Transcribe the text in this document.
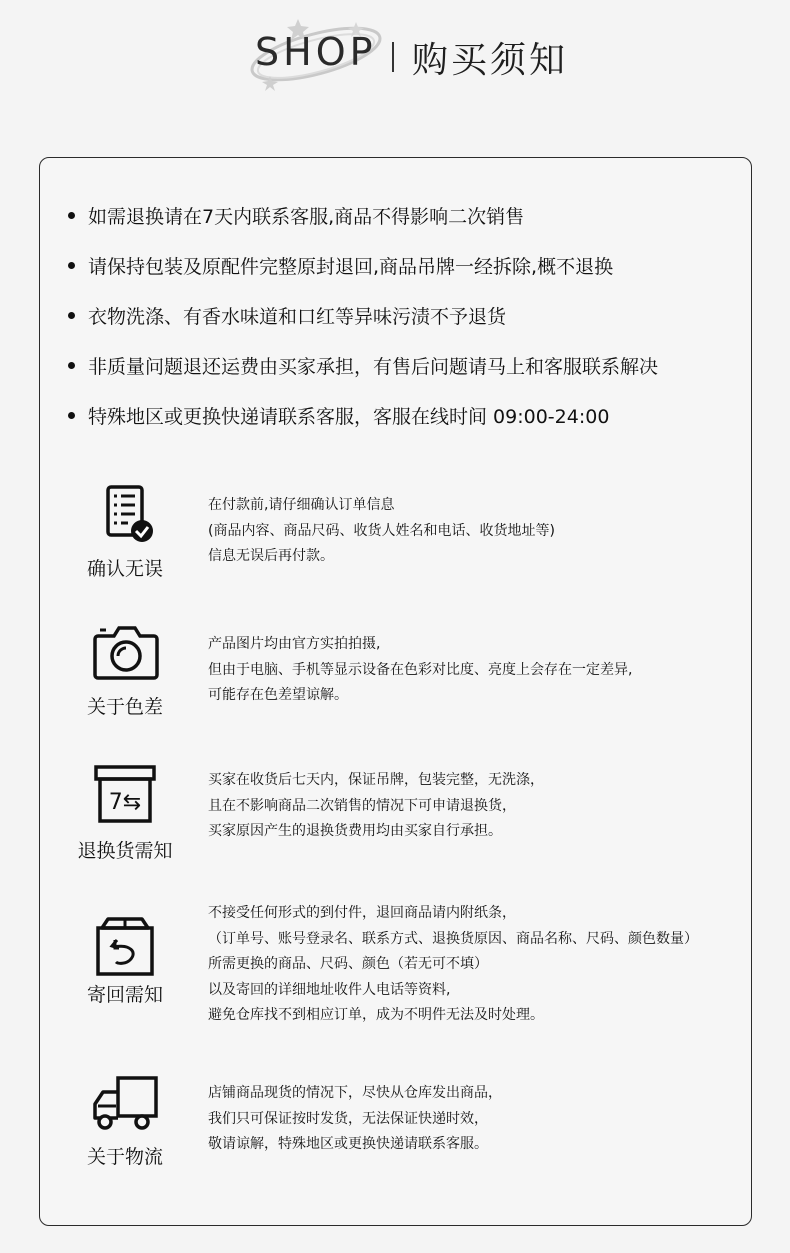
SHOP 购买须知
如需退换请在7天内联系客服,商品不得影响二次销售
请保持包装及原配件完整原封退回,商品吊牌一经拆除,概不退换
衣物洗涤、有香水味道和口红等异味污渍不予退货
非质量问题退还运费由买家承担，有售后问题请马上和客服联系解决
特殊地区或更换快递请联系客服，客服在线时间 09:00-24:00
确认无误
在付款前,请仔细确认订单信息
(商品内容、商品尺码、收货人姓名和电话、收货地址等)
信息无误后再付款。
关于色差
产品图片均由官方实拍拍摄,
但由于电脑、手机等显示设备在色彩对比度、亮度上会存在一定差异,
可能存在色差望谅解。
7⇆
退换货需知
买家在收货后七天内，保证吊牌，包装完整，无洗涤，
且在不影响商品二次销售的情况下可申请退换货，
买家原因产生的退换货费用均由买家自行承担。
寄回需知
不接受任何形式的到付件，退回商品请内附纸条，
（订单号、账号登录名、联系方式、退换货原因、商品名称、尺码、颜色数量）
所需更换的商品、尺码、颜色（若无可不填）
以及寄回的详细地址收件人电话等资料,
避免仓库找不到相应订单，成为不明件无法及时处理。
关于物流
店铺商品现货的情况下，尽快从仓库发出商品，
我们只可保证按时发货，无法保证快递时效，
敬请谅解，特殊地区或更换快递请联系客服。
